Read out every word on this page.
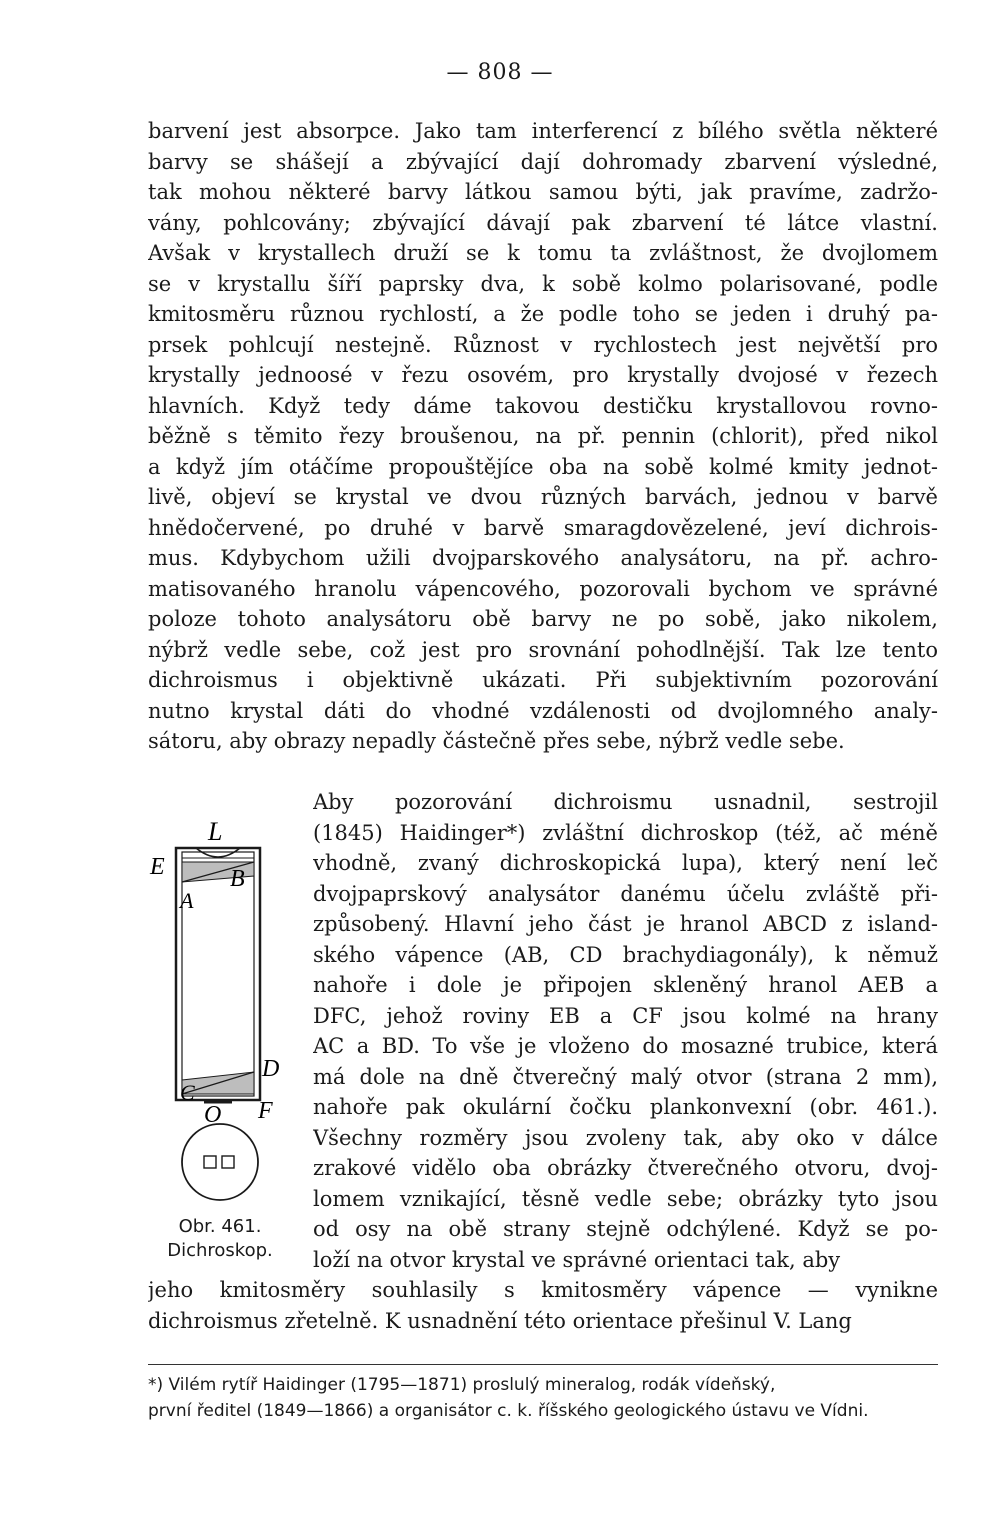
— 808 —
barvení jest absorpce. Jako tam interferencí z bílého světla některé
barvy se shášejí a zbývající dají dohromady zbarvení výsledné,
tak mohou některé barvy látkou samou býti, jak pravíme, zadržo-
vány, pohlcovány; zbývající dávají pak zbarvení té látce vlastní.
Avšak v krystallech druží se k tomu ta zvláštnost, že dvojlomem
se v krystallu šíří paprsky dva, k sobě kolmo polarisované, podle
kmitosměru různou rychlostí, a že podle toho se jeden i druhý pa-
prsek pohlcují nestejně. Různost v rychlostech jest největší pro
krystally jednoosé v řezu osovém, pro krystally dvojosé v řezech
hlavních. Když tedy dáme takovou destičku krystallovou rovno-
běžně s těmito řezy broušenou, na př. pennin (chlorit), před nikol
a když jím otáčíme propouštějíce oba na sobě kolmé kmity jednot-
livě, objeví se krystal ve dvou různých barvách, jednou v barvě
hnědočervené, po druhé v barvě smaragdovězelené, jeví dichrois-
mus. Kdybychom užili dvojparskového analysátoru, na př. achro-
matisovaného hranolu vápencového, pozorovali bychom ve správné
poloze tohoto analysátoru obě barvy ne po sobě, jako nikolem,
nýbrž vedle sebe, což jest pro srovnání pohodlnější. Tak lze tento
dichroismus i objektivně ukázati. Při subjektivním pozorování
nutno krystal dáti do vhodné vzdálenosti od dvojlomného analy-
sátoru, aby obrazy nepadly částečně přes sebe, nýbrž vedle sebe.
L
E	B
A
D
C
O F
Obr. 461.
Dichroskop.
Aby pozorování dichroismu usnadnil, sestrojil
(1845) Haidinger*) zvláštní dichroskop (též, ač méně
vhodně, zvaný dichroskopická lupa), který není leč
dvojpaprskový analysátor danému účelu zvláště při-
způsobený. Hlavní jeho část je hranol ABCD z island-
ského vápence (AB, CD brachydiagonály), k němuž
nahoře i dole je připojen skleněný hranol AEB a
DFC, jehož roviny EB a CF jsou kolmé na hrany
AC a BD. To vše je vloženo do mosazné trubice, která
má dole na dně čtverečný malý otvor (strana 2 mm),
nahoře pak okulární čočku plankonvexní (obr. 461.).
Všechny rozměry jsou zvoleny tak, aby oko v dálce
zrakové vidělo oba obrázky čtverečného otvoru, dvoj-
lomem vznikající, těsně vedle sebe; obrázky tyto jsou
od osy na obě strany stejně odchýlené. Když se po-
loží na otvor krystal ve správné orientaci tak, aby
jeho kmitosměry souhlasily s kmitosměry vápence — vynikne
dichroismus zřetelně. K usnadnění této orientace přešinul V. Lang
*) Vilém rytíř Haidinger (1795—1871) proslulý mineralog, rodák vídeňský,
první ředitel (1849—1866) a organisátor c. k. říšského geologického ústavu ve Vídni.
